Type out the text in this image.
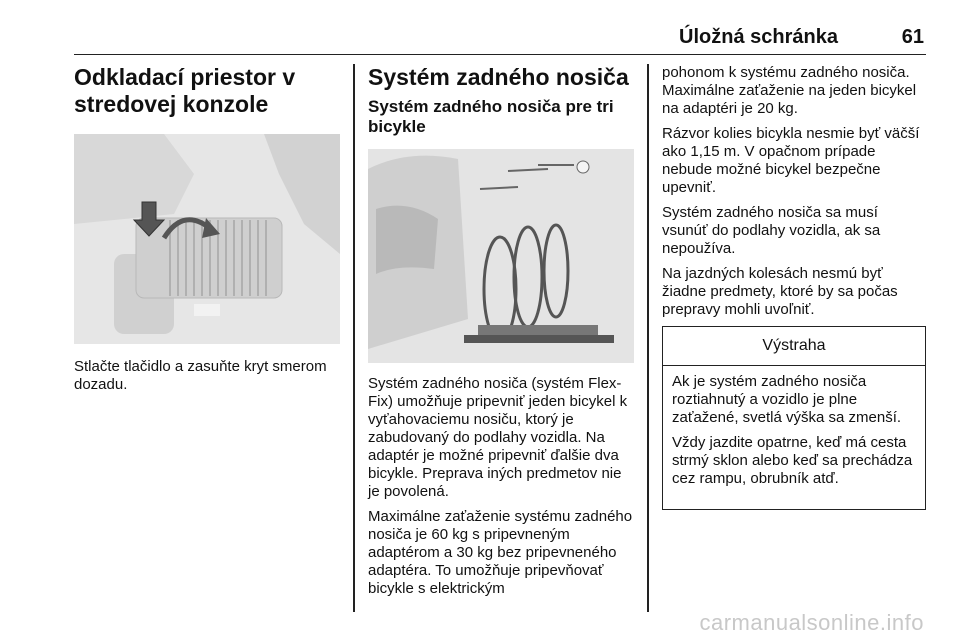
Úložná schránka	61
Odkladací priestor v stredovej konzole

Stlačte tlačidlo a zasuňte kryt smerom dozadu.

Systém zadného nosiča
Systém zadného nosiča pre tri bicykle

Systém zadného nosiča (systém Flex-Fix) umožňuje pripevniť jeden bicykel k vyťahovaciemu nosiču, ktorý je zabudovaný do podlahy vozidla. Na adaptér je možné pripevniť ďalšie dva bicykle. Preprava iných predmetov nie je povolená.

Maximálne zaťaženie systému zadného nosiča je 60 kg s pripevneným adaptérom a 30 kg bez pripevneného adaptéra. To umožňuje pripevňovať bicykle s elektrickým

pohonom k systému zadného nosiča. Maximálne zaťaženie na jeden bicykel na adaptéri je 20 kg.

Rázvor kolies bicykla nesmie byť väčší ako 1,15 m. V opačnom prípade nebude možné bicykel bezpečne upevniť.

Systém zadného nosiča sa musí vsunúť do podlahy vozidla, ak sa nepoužíva.

Na jazdných kolesách nesmú byť žiadne predmety, ktoré by sa počas prepravy mohli uvoľniť.

Výstraha

Ak je systém zadného nosiča roztiahnutý a vozidlo je plne zaťažené, svetlá výška sa zmenší.

Vždy jazdite opatrne, keď má cesta strmý sklon alebo keď sa prechádza cez rampu, obrubník atď.

carmanualsonline.info
